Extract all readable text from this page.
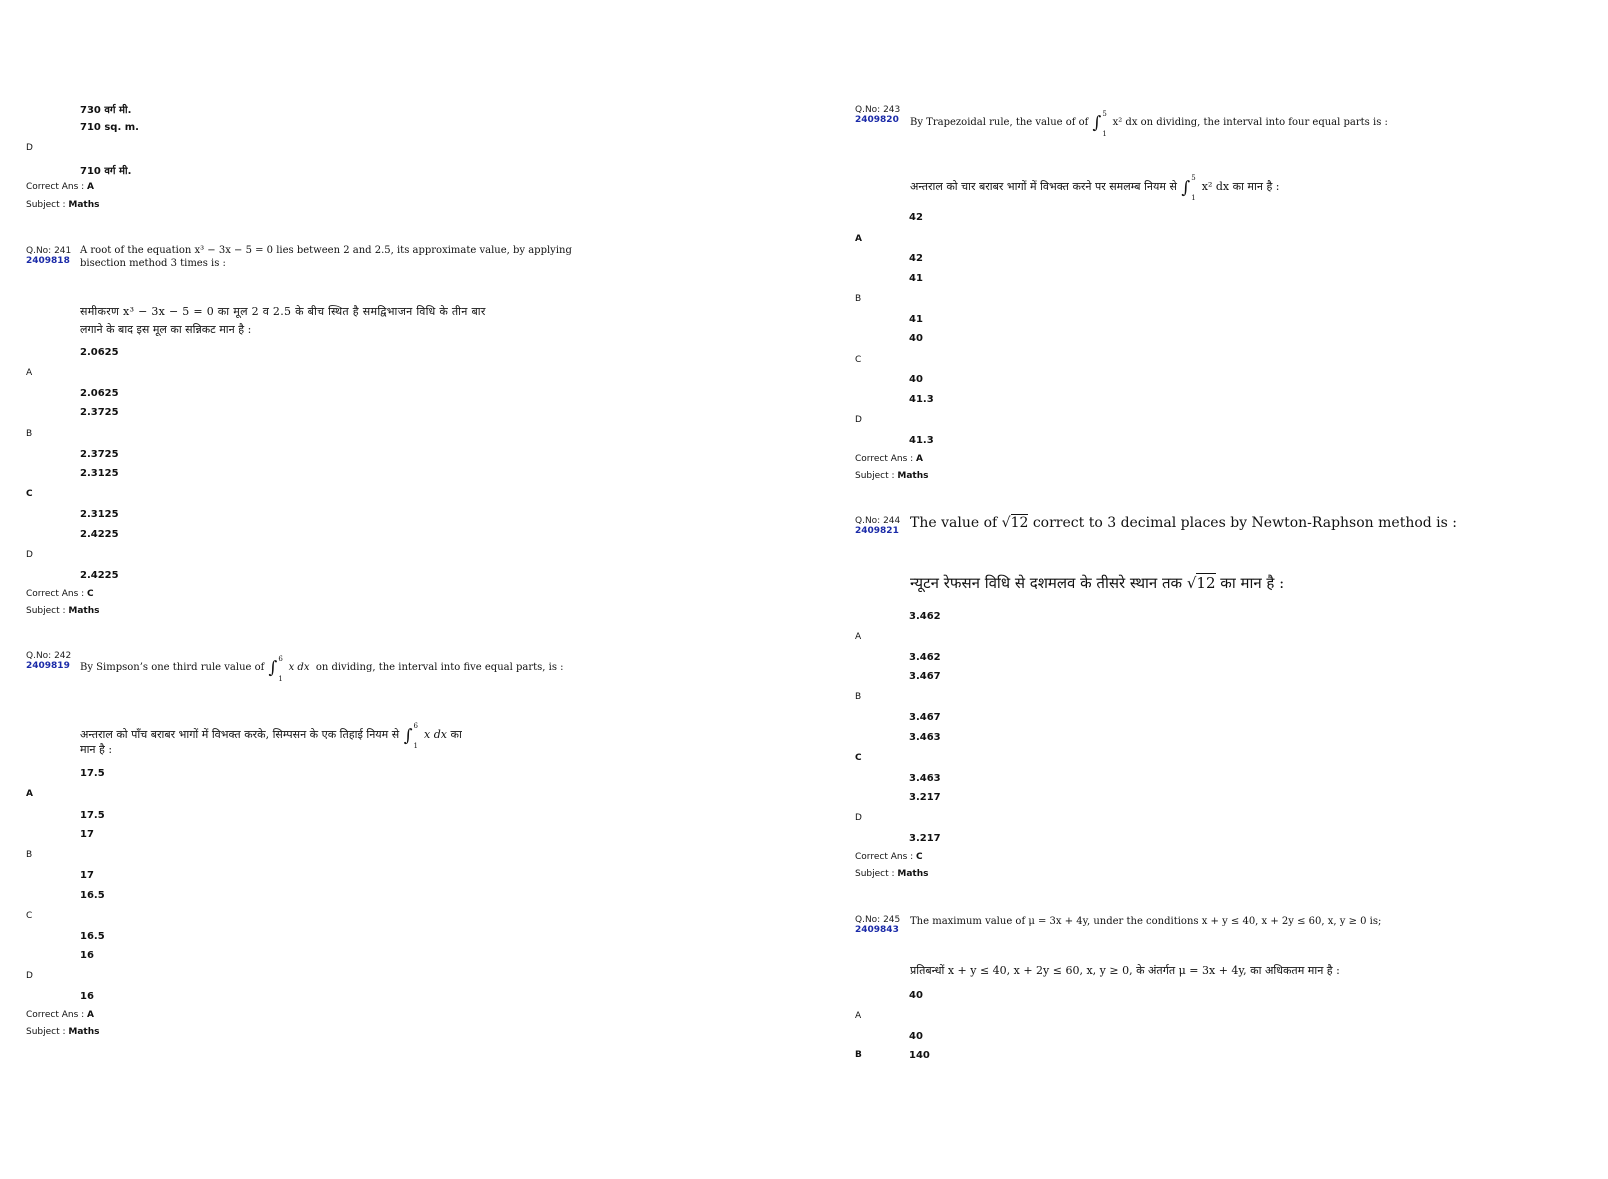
730 वर्ग मी.
710 sq. m.
D
710 वर्ग मी.
Correct Ans : A
Subject : Maths
Q.No: 241
2409818
A root of the equation x³ − 3x − 5 = 0 lies between 2 and 2.5, its approximate value, by applying
bisection method 3 times is :
समीकरण x³ − 3x − 5 = 0 का मूल 2 व 2.5 के बीच स्थित है समद्विभाजन विधि के तीन बार
लगाने के बाद इस मूल का सन्निकट मान है :
2.0625
A
2.0625
2.3725
B
2.3725
2.3125
C
2.3125
2.4225
D
2.4225
Correct Ans : C
Subject : Maths
Q.No: 242
2409819 By Simpson’s one third rule value of ∫ 6
1
x dx on dividing, the interval into five equal parts, is :
अन्तराल को पाँच बराबर भागों में विभक्त करके, सिम्पसन के एक तिहाई नियम से ∫ 6
1
x dx का
मान है :
17.5
A
17.5
17
B
17
16.5
C
16.5
16
D
16
Correct Ans : A
Subject : Maths
Q.No: 243
2409820 By Trapezoidal rule, the value of of ∫ 5
1
x² dx on dividing, the interval into four equal parts is :
अन्तराल को चार बराबर भागों में विभक्त करने पर समलम्ब नियम से ∫ 5
1
x² dx का मान है :
42
A
42
41
B
41
40
C
40
41.3
D
41.3
Correct Ans : A
Subject : Maths
Q.No: 244
2409821 The value of √12 correct to 3 decimal places by Newton-Raphson method is :
न्यूटन रेफसन विधि से दशमलव के तीसरे स्थान तक √12 का मान है :
3.462
A
3.462
3.467
B
3.467
3.463
C
3.463
3.217
D
3.217
Correct Ans : C
Subject : Maths
Q.No: 245
2409843
The maximum value of μ = 3x + 4y, under the conditions x + y ≤ 40, x + 2y ≤ 60, x, y ≥ 0 is;
प्रतिबन्धों x + y ≤ 40, x + 2y ≤ 60, x, y ≥ 0, के अंतर्गत μ = 3x + 4y, का अधिकतम मान है :
40
A
40
B	140
